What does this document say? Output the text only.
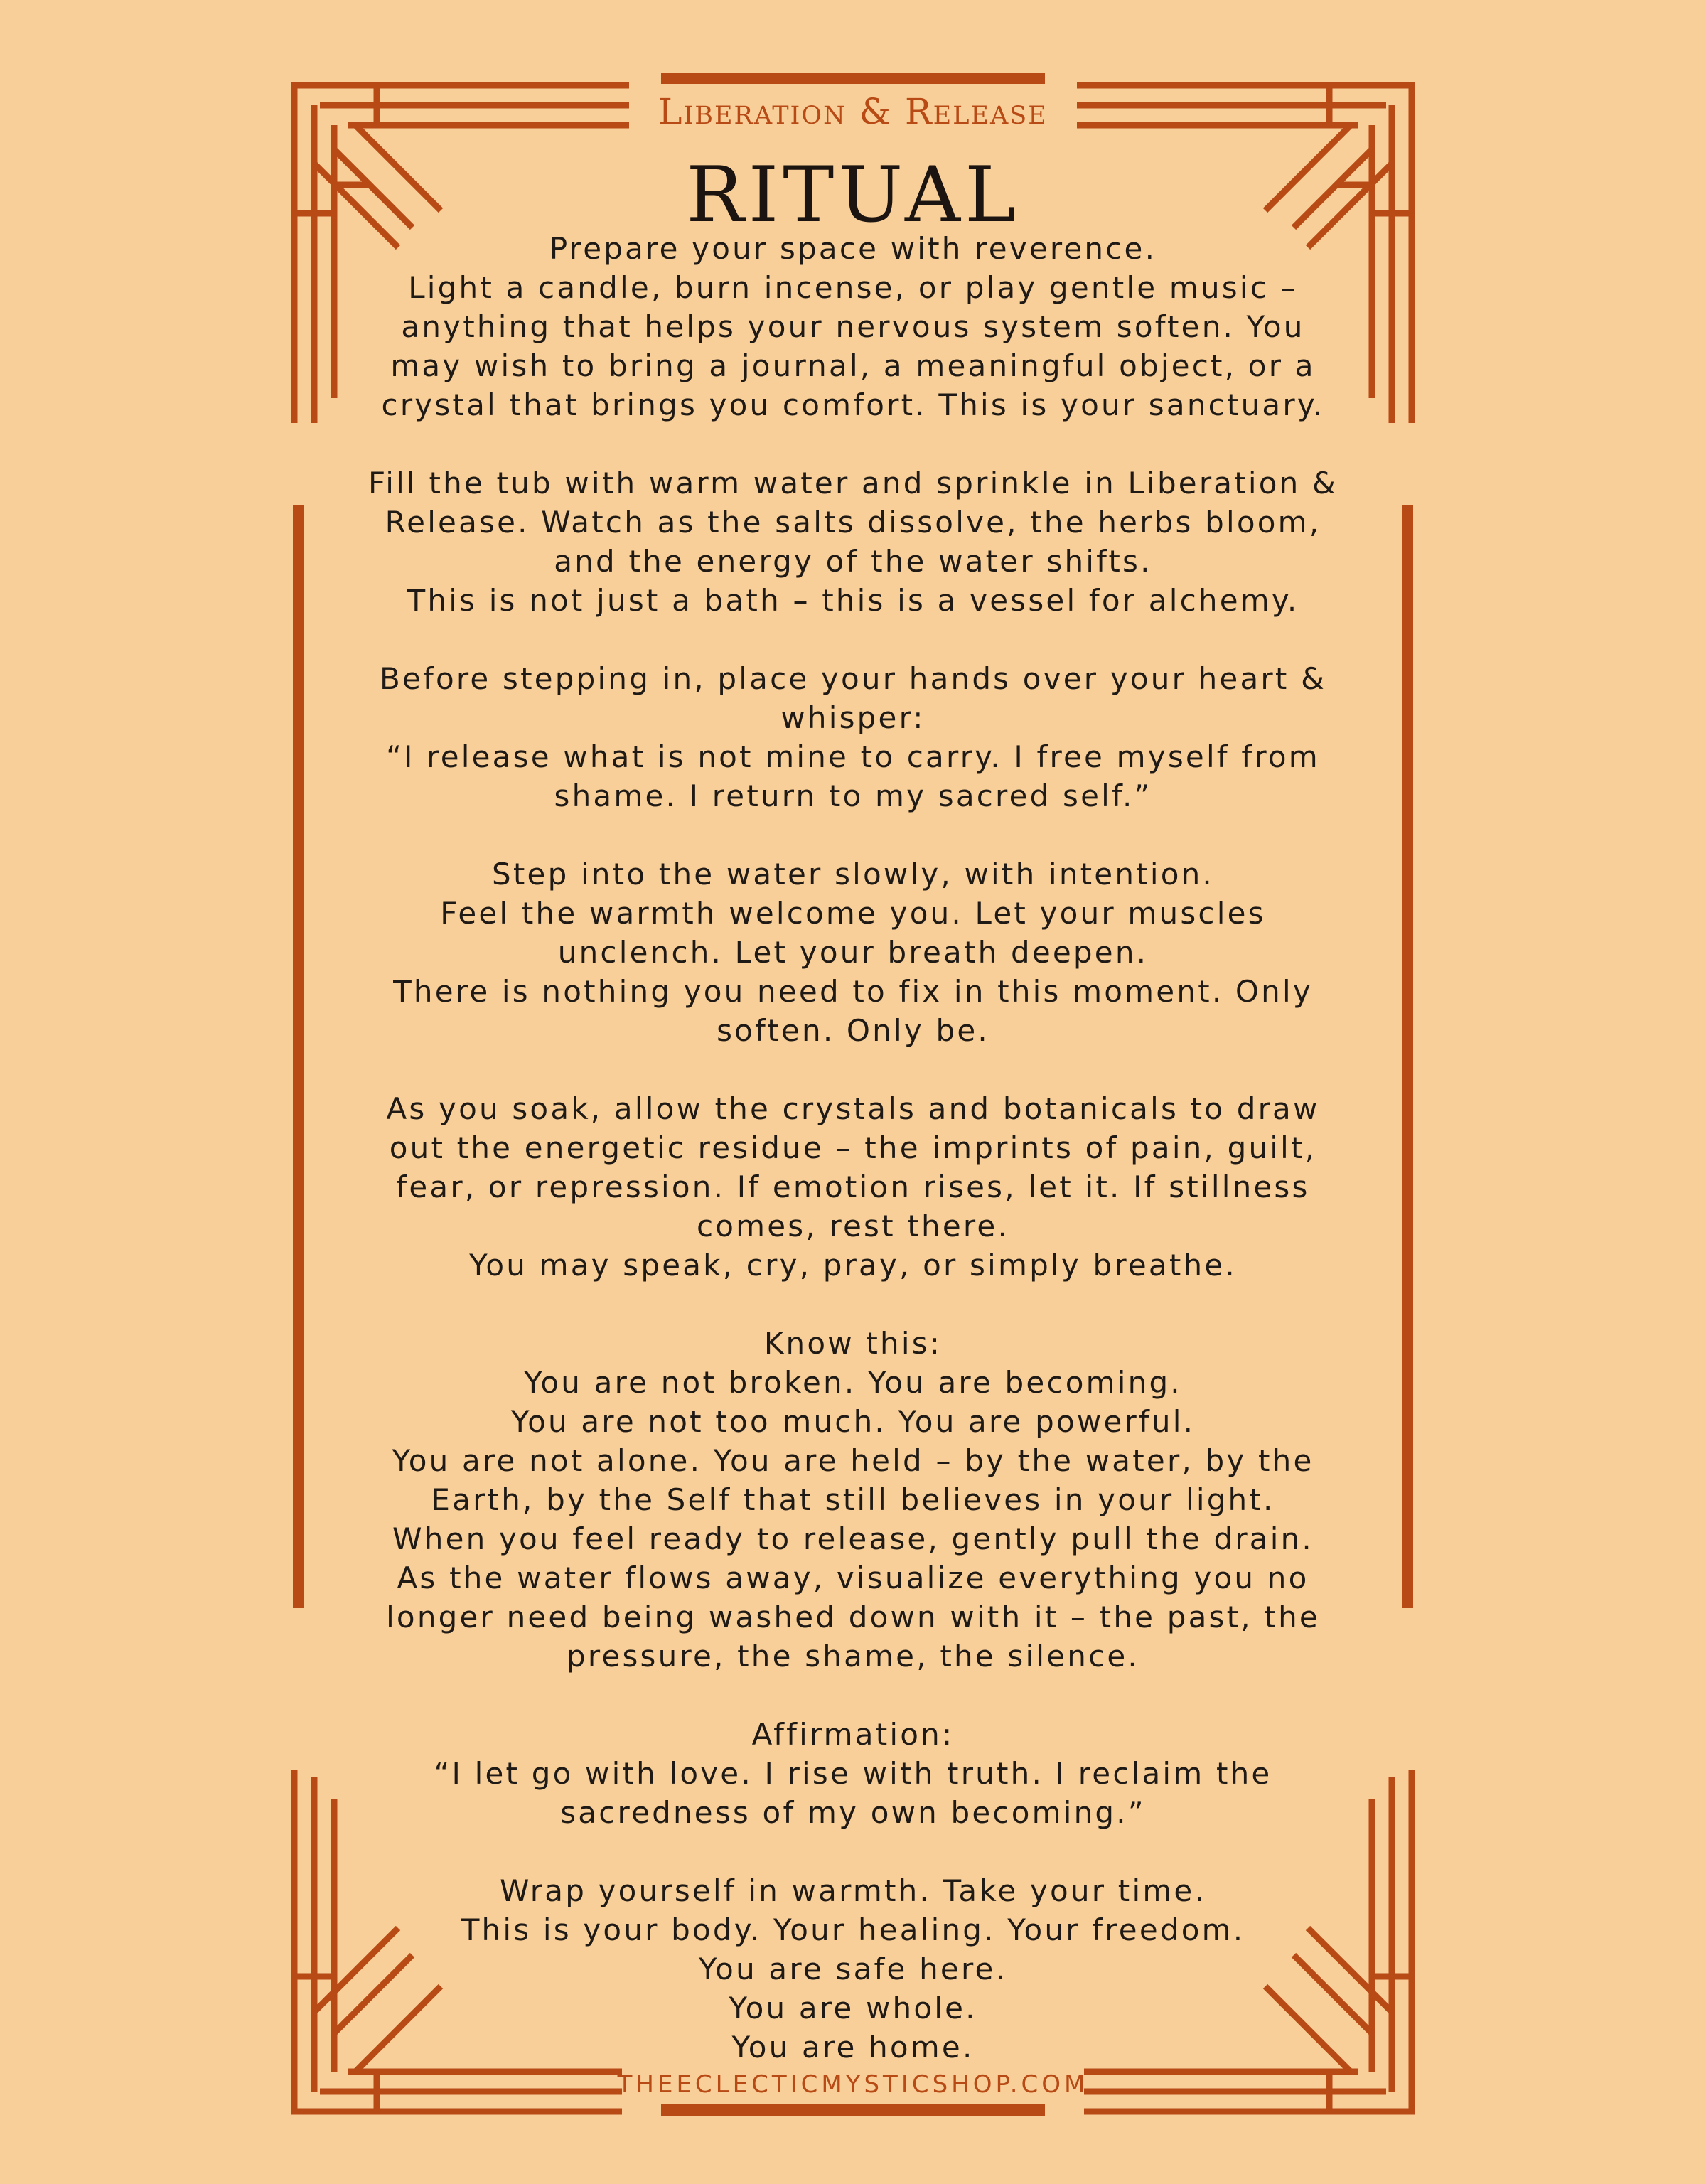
Liberation & Release
RITUAL
Prepare your space with reverence.
Light a candle, burn incense, or play gentle music –
anything that helps your nervous system soften. You
may wish to bring a journal, a meaningful object, or a
crystal that brings you comfort. This is your sanctuary.
Fill the tub with warm water and sprinkle in Liberation &
Release. Watch as the salts dissolve, the herbs bloom,
and the energy of the water shifts.
This is not just a bath – this is a vessel for alchemy.
Before stepping in, place your hands over your heart &
whisper:
“I release what is not mine to carry. I free myself from
shame. I return to my sacred self.”
Step into the water slowly, with intention.
Feel the warmth welcome you. Let your muscles
unclench. Let your breath deepen.
There is nothing you need to fix in this moment. Only
soften. Only be.
As you soak, allow the crystals and botanicals to draw
out the energetic residue – the imprints of pain, guilt,
fear, or repression. If emotion rises, let it. If stillness
comes, rest there.
You may speak, cry, pray, or simply breathe.
Know this:
You are not broken. You are becoming.
You are not too much. You are powerful.
You are not alone. You are held – by the water, by the
Earth, by the Self that still believes in your light.
When you feel ready to release, gently pull the drain.
As the water flows away, visualize everything you no
longer need being washed down with it – the past, the
pressure, the shame, the silence.
Affirmation:
“I let go with love. I rise with truth. I reclaim the
sacredness of my own becoming.”
Wrap yourself in warmth. Take your time.
This is your body. Your healing. Your freedom.
You are safe here.
You are whole.
You are home.
THEECLECTICMYSTICSHOP.COM
